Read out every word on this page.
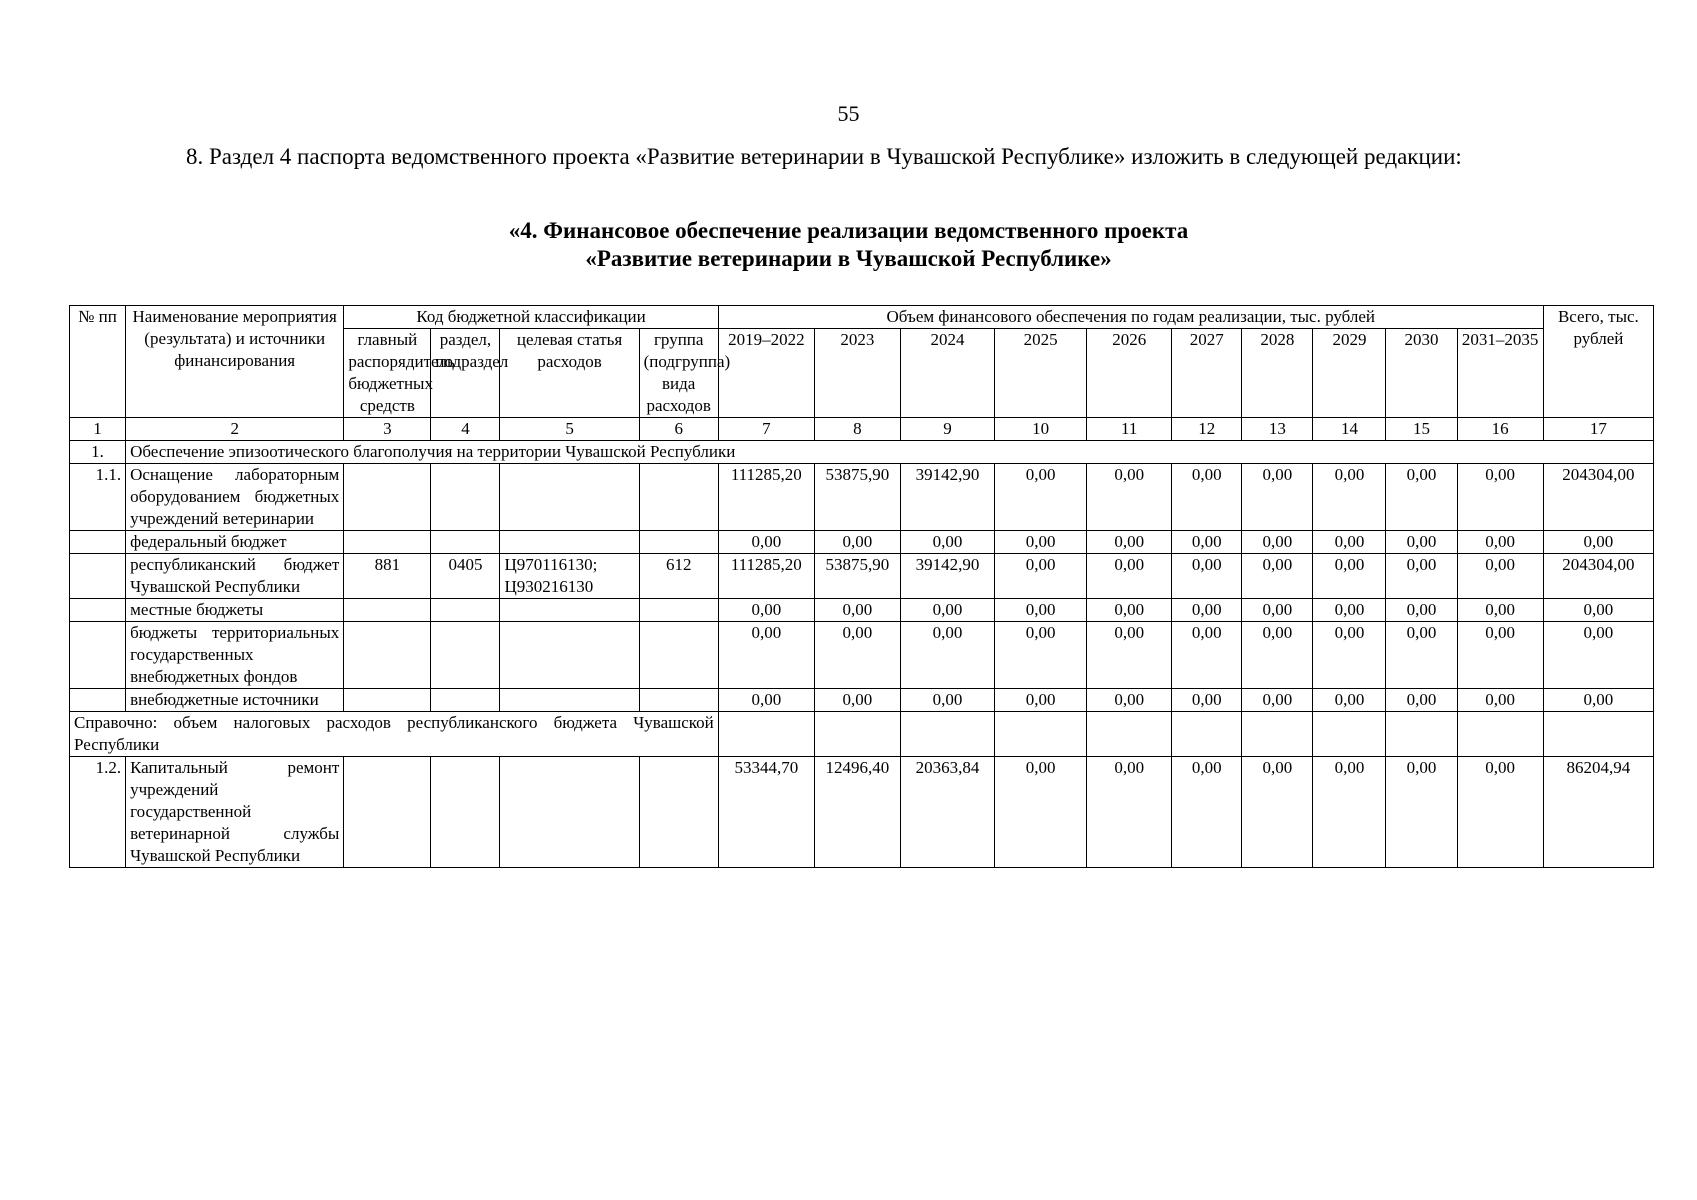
55
8. Раздел 4 паспорта ведомственного проекта «Развитие ветеринарии в Чувашской Республике» изложить в следующей редакции:
«4. Финансовое обеспечение реализации ведомственного проекта
«Развитие ветеринарии в Чувашской Республике»
№ пп	Наименование мероприятия (результата) и источники финансирования	Код бюджетной классификации				Объем финансового обеспечения по годам реализации, тыс. рублей										Всего, тыс. рублей
		главный распорядитель бюджетных средств	раздел, подраздел	целевая статья расходов	группа (подгруппа) вида расходов	2019–2022	2023	2024	2025	2026	2027	2028	2029	2030	2031–2035	
1	2	3	4	5	6	7	8	9	10	11	12	13	14	15	16	17
1.	Обеспечение эпизоотического благополучия на территории Чувашской Республики															
1.1.	Оснащение лабораторным оборудованием бюджетных учреждений ветеринарии					111285,20	53875,90	39142,90	0,00	0,00	0,00	0,00	0,00	0,00	0,00	204304,00
	федеральный бюджет					0,00	0,00	0,00	0,00	0,00	0,00	0,00	0,00	0,00	0,00	0,00
	республиканский бюджет Чувашской Республики	881	0405	Ц970116130; Ц930216130	612	111285,20	53875,90	39142,90	0,00	0,00	0,00	0,00	0,00	0,00	0,00	204304,00
	местные бюджеты					0,00	0,00	0,00	0,00	0,00	0,00	0,00	0,00	0,00	0,00	0,00
	бюджеты территориальных государственных внебюджетных фондов					0,00	0,00	0,00	0,00	0,00	0,00	0,00	0,00	0,00	0,00	0,00
	внебюджетные источники					0,00	0,00	0,00	0,00	0,00	0,00	0,00	0,00	0,00	0,00	0,00
Справочно: объем налоговых расходов республиканского бюджета Чувашской Республики																
1.2.	Капитальный ремонт учреждений государственной ветеринарной службы Чувашской Республики					53344,70	12496,40	20363,84	0,00	0,00	0,00	0,00	0,00	0,00	0,00	86204,94
